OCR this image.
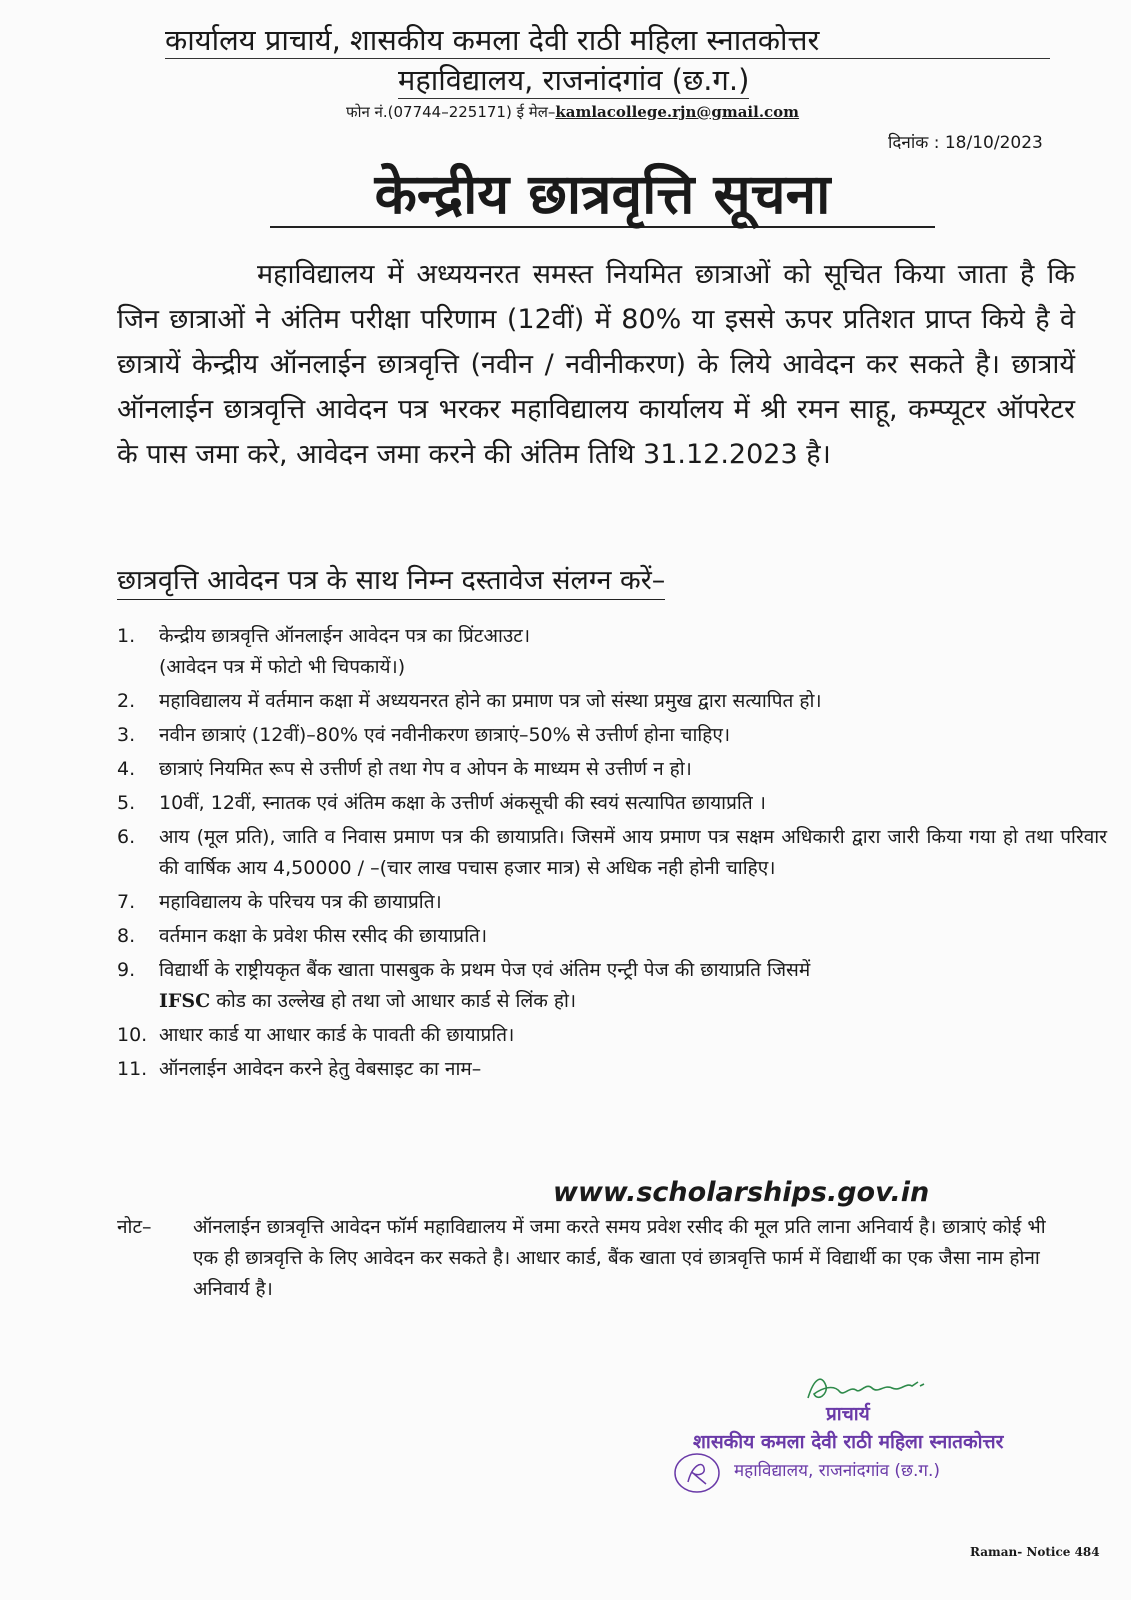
कार्यालय प्राचार्य, शासकीय कमला देवी राठी महिला स्नातकोत्तर
महाविद्यालय, राजनांदगांव (छ.ग.)
फोन नं.(07744–225171) ई मेल–kamlacollege.rjn@gmail.com
दिनांक : 18/10/2023
केन्द्रीय छात्रवृत्ति सूचना
महाविद्यालय में अध्ययनरत समस्त नियमित छात्राओं को सूचित किया जाता है कि जिन छात्राओं ने अंतिम परीक्षा परिणाम (12वीं) में 80% या इससे ऊपर प्रतिशत प्राप्त किये है वे छात्रायें केन्द्रीय ऑनलाईन छात्रवृत्ति (नवीन / नवीनीकरण) के लिये आवेदन कर सकते है। छात्रायें ऑनलाईन छात्रवृत्ति आवेदन पत्र भरकर महाविद्यालय कार्यालय में श्री रमन साहू, कम्प्यूटर ऑपरेटर के पास जमा करे, आवेदन जमा करने की अंतिम तिथि 31.12.2023 है।
छात्रवृत्ति आवेदन पत्र के साथ निम्न दस्तावेज संलग्न करें–
1.	केन्द्रीय छात्रवृत्ति ऑनलाईन आवेदन पत्र का प्रिंटआउट।
(आवेदन पत्र में फोटो भी चिपकायें।)
2.	महाविद्यालय में वर्तमान कक्षा में अध्ययनरत होने का प्रमाण पत्र जो संस्था प्रमुख द्वारा सत्यापित हो।
3.	नवीन छात्राएं (12वीं)–80% एवं नवीनीकरण छात्राएं–50% से उत्तीर्ण होना चाहिए।
4.	छात्राएं नियमित रूप से उत्तीर्ण हो तथा गेप व ओपन के माध्यम से उत्तीर्ण न हो।
5.	10वीं, 12वीं, स्नातक एवं अंतिम कक्षा के उत्तीर्ण अंकसूची की स्वयं सत्यापित छायाप्रति ।
6.	आय (मूल प्रति), जाति व निवास प्रमाण पत्र की छायाप्रति। जिसमें आय प्रमाण पत्र सक्षम अधिकारी द्वारा जारी किया गया हो तथा परिवार की वार्षिक आय 4,50000 / –(चार लाख पचास हजार मात्र) से अधिक नही होनी चाहिए।
7.	महाविद्यालय के परिचय पत्र की छायाप्रति।
8.	वर्तमान कक्षा के प्रवेश फीस रसीद की छायाप्रति।
9.	विद्यार्थी के राष्ट्रीयकृत बैंक खाता पासबुक के प्रथम पेज एवं अंतिम एन्ट्री पेज की छायाप्रति जिसमें
IFSC कोड का उल्लेख हो तथा जो आधार कार्ड से लिंक हो।
10. आधार कार्ड या आधार कार्ड के पावती की छायाप्रति।
11. ऑनलाईन आवेदन करने हेतु वेबसाइट का नाम–
www.scholarships.gov.in
नोट–	ऑनलाईन छात्रवृत्ति आवेदन फॉर्म महाविद्यालय में जमा करते समय प्रवेश रसीद की मूल प्रति लाना अनिवार्य है। छात्राएं कोई भी एक ही छात्रवृत्ति के लिए आवेदन कर सकते है। आधार कार्ड, बैंक खाता एवं छात्रवृत्ति फार्म में विद्यार्थी का एक जैसा नाम होना अनिवार्य है।
प्राचार्य
शासकीय कमला देवी राठी महिला स्नातकोत्तर
महाविद्यालय, राजनांदगांव (छ.ग.)
Raman- Notice 484
